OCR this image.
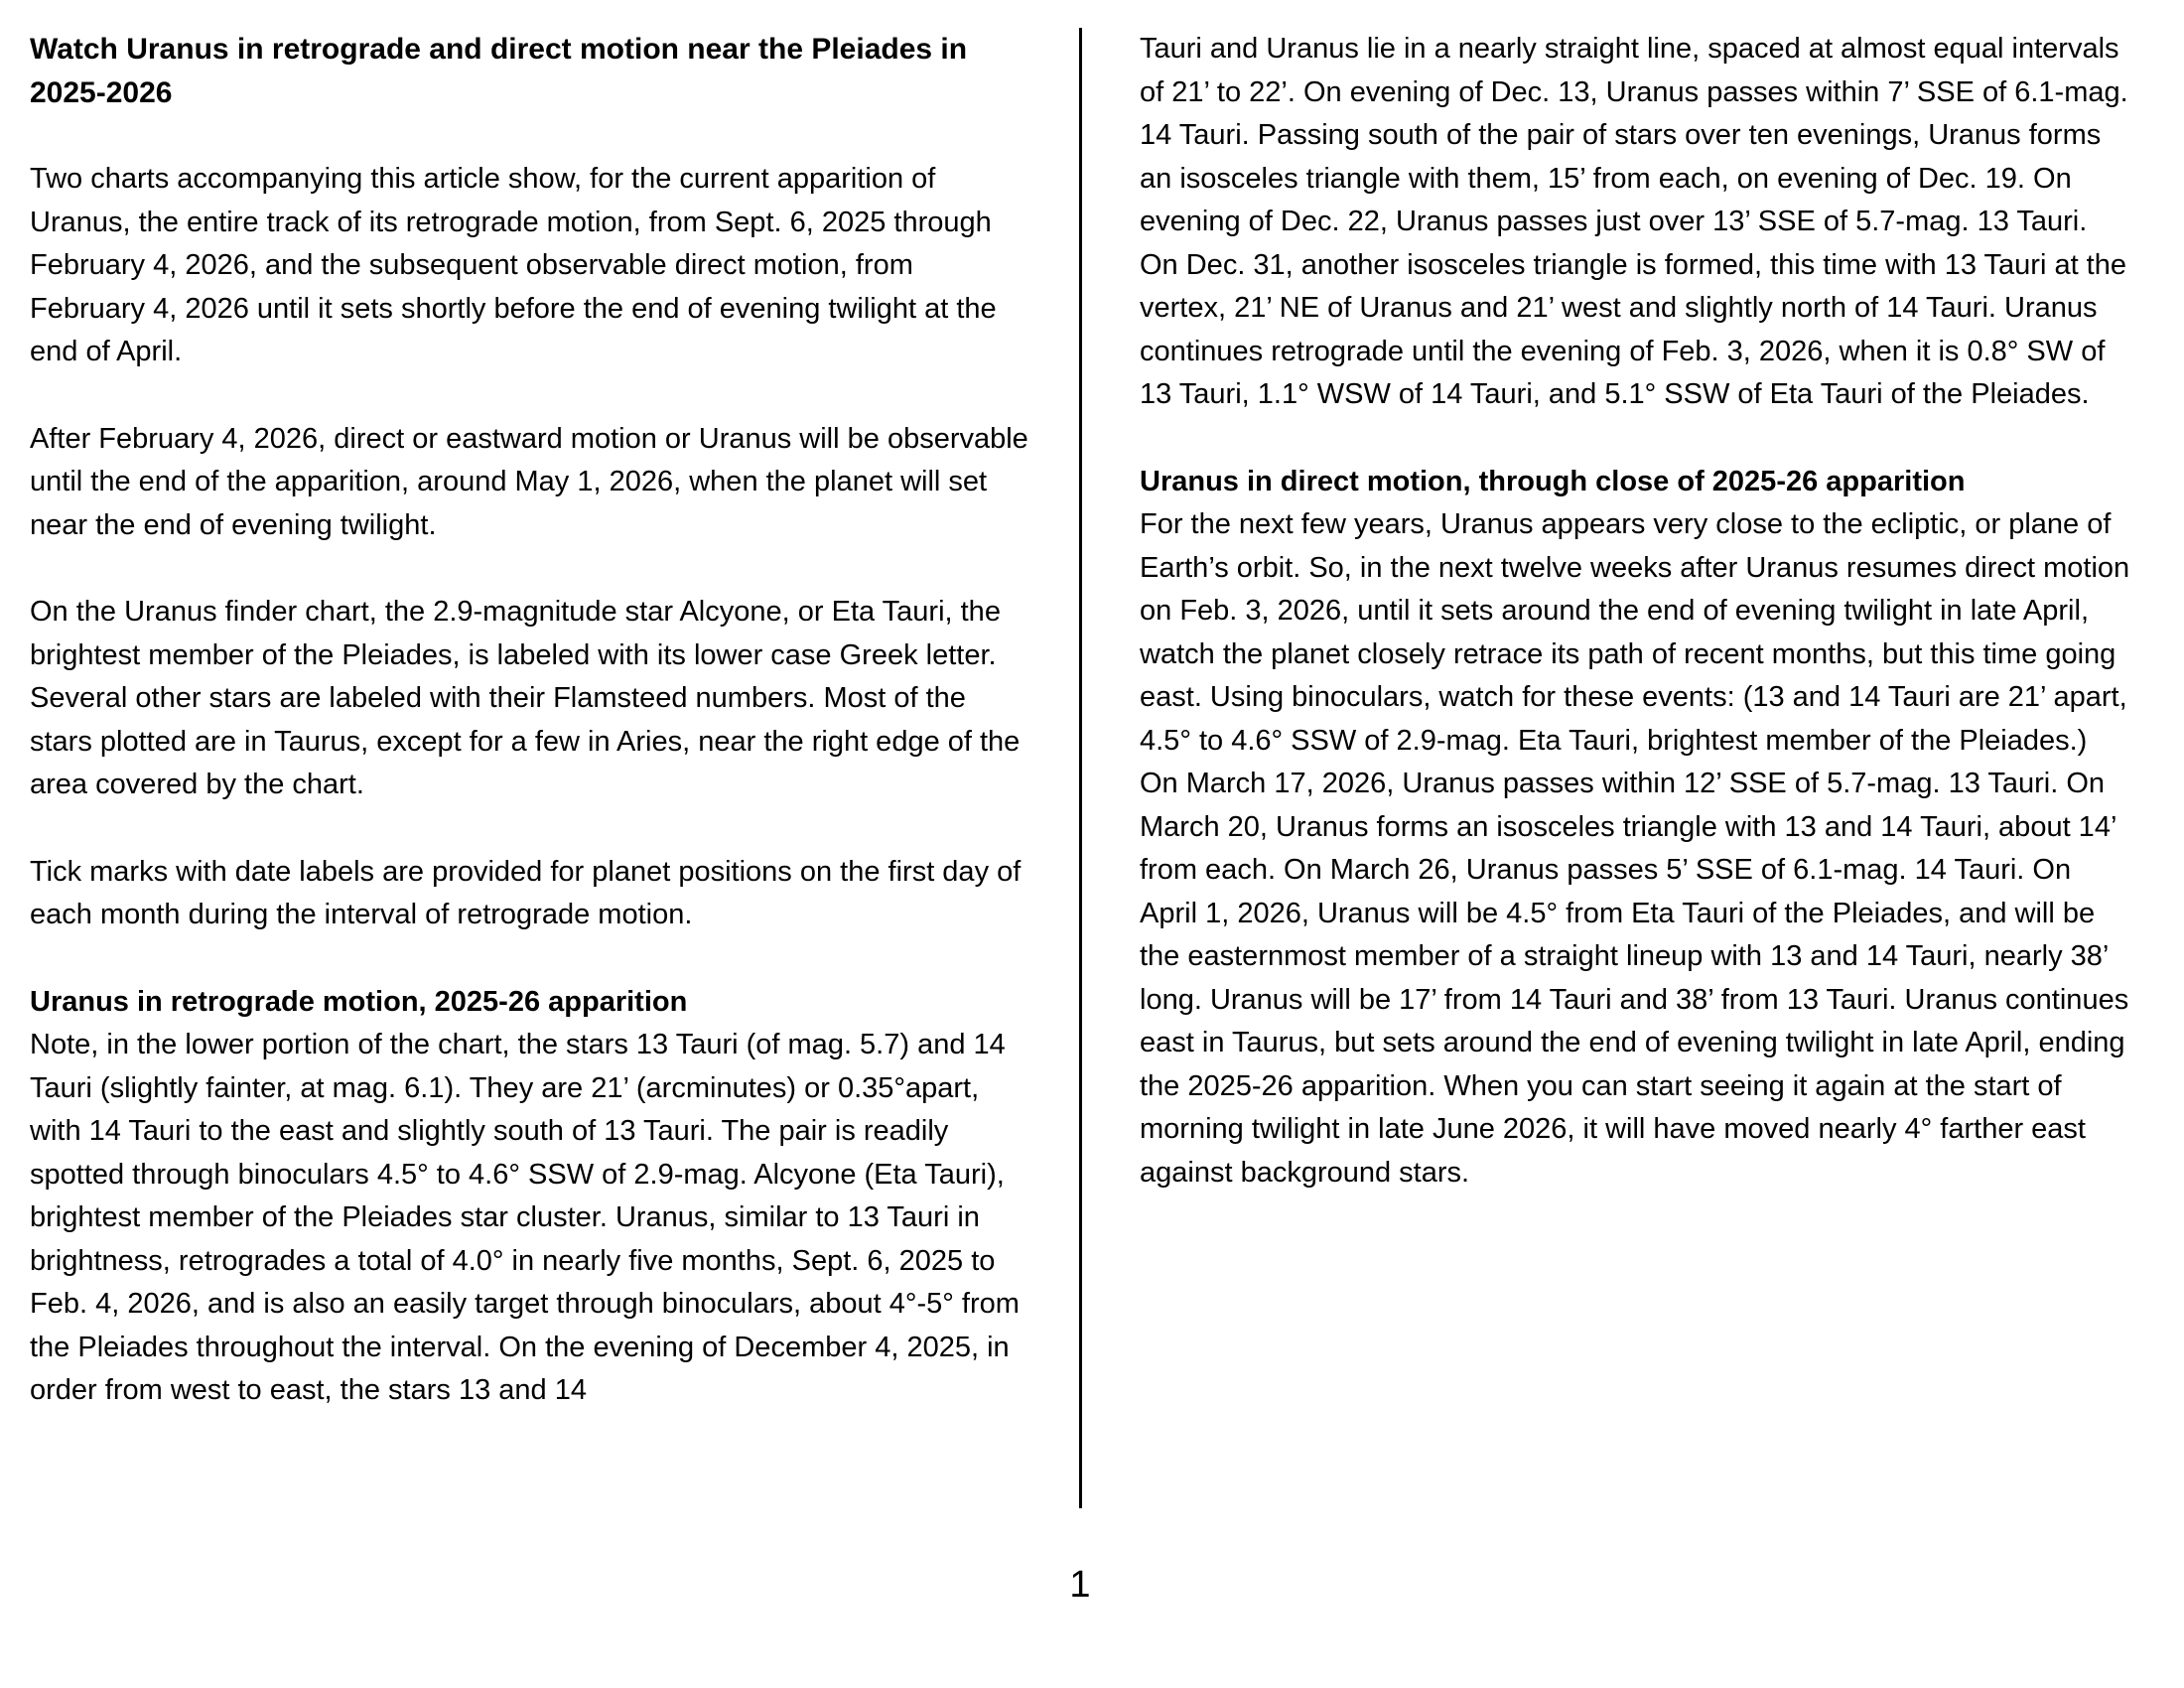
Watch Uranus in retrograde and direct motion near the Pleiades in 2025-2026

Two charts accompanying this article show, for the current apparition of Uranus, the entire track of its retrograde motion, from Sept. 6, 2025 through February 4, 2026, and the subsequent observable direct motion, from February 4, 2026 until it sets shortly before the end of evening twilight at the end of April.

After February 4, 2026, direct or eastward motion or Uranus will be observable until the end of the apparition, around May 1, 2026, when the planet will set near the end of evening twilight.

On the Uranus finder chart, the 2.9-magnitude star Alcyone, or Eta Tauri, the brightest member of the Pleiades, is labeled with its lower case Greek letter. Several other stars are labeled with their Flamsteed numbers. Most of the stars plotted are in Taurus, except for a few in Aries, near the right edge of the area covered by the chart.

Tick marks with date labels are provided for planet positions on the first day of each month during the interval of retrograde motion.

Uranus in retrograde motion, 2025-26 apparition

Note, in the lower portion of the chart, the stars 13 Tauri (of mag. 5.7) and 14 Tauri (slightly fainter, at mag. 6.1). They are 21’ (arcminutes) or 0.35°apart, with 14 Tauri to the east and slightly south of 13 Tauri. The pair is readily spotted through binoculars 4.5° to 4.6° SSW of 2.9-mag. Alcyone (Eta Tauri), brightest member of the Pleiades star cluster. Uranus, similar to 13 Tauri in brightness, retrogrades a total of 4.0° in nearly five months, Sept. 6, 2025 to Feb. 4, 2026, and is also an easily target through binoculars, about 4°-5° from the Pleiades throughout the interval. On the evening of December 4, 2025, in order from west to east, the stars 13 and 14

Tauri and Uranus lie in a nearly straight line, spaced at almost equal intervals of 21’ to 22’. On evening of Dec. 13, Uranus passes within 7’ SSE of 6.1-mag. 14 Tauri. Passing south of the pair of stars over ten evenings, Uranus forms an isosceles triangle with them, 15’ from each, on evening of Dec. 19. On evening of Dec. 22, Uranus passes just over 13’ SSE of 5.7-mag. 13 Tauri. On Dec. 31, another isosceles triangle is formed, this time with 13 Tauri at the vertex, 21’ NE of Uranus and 21’ west and slightly north of 14 Tauri. Uranus continues retrograde until the evening of Feb. 3, 2026, when it is 0.8° SW of 13 Tauri, 1.1° WSW of 14 Tauri, and 5.1° SSW of Eta Tauri of the Pleiades.

Uranus in direct motion, through close of 2025-26 apparition

For the next few years, Uranus appears very close to the ecliptic, or plane of Earth’s orbit. So, in the next twelve weeks after Uranus resumes direct motion on Feb. 3, 2026, until it sets around the end of evening twilight in late April, watch the planet closely retrace its path of recent months, but this time going east. Using binoculars, watch for these events: (13 and 14 Tauri are 21’ apart, 4.5° to 4.6° SSW of 2.9-mag. Eta Tauri, brightest member of the Pleiades.) On March 17, 2026, Uranus passes within 12’ SSE of 5.7-mag. 13 Tauri. On March 20, Uranus forms an isosceles triangle with 13 and 14 Tauri, about 14’ from each. On March 26, Uranus passes 5’ SSE of 6.1-mag. 14 Tauri. On April 1, 2026, Uranus will be 4.5° from Eta Tauri of the Pleiades, and will be the easternmost member of a straight lineup with 13 and 14 Tauri, nearly 38’ long. Uranus will be 17’ from 14 Tauri and 38’ from 13 Tauri. Uranus continues east in Taurus, but sets around the end of evening twilight in late April, ending the 2025-26 apparition. When you can start seeing it again at the start of morning twilight in late June 2026, it will have moved nearly 4° farther east against background stars.

1
